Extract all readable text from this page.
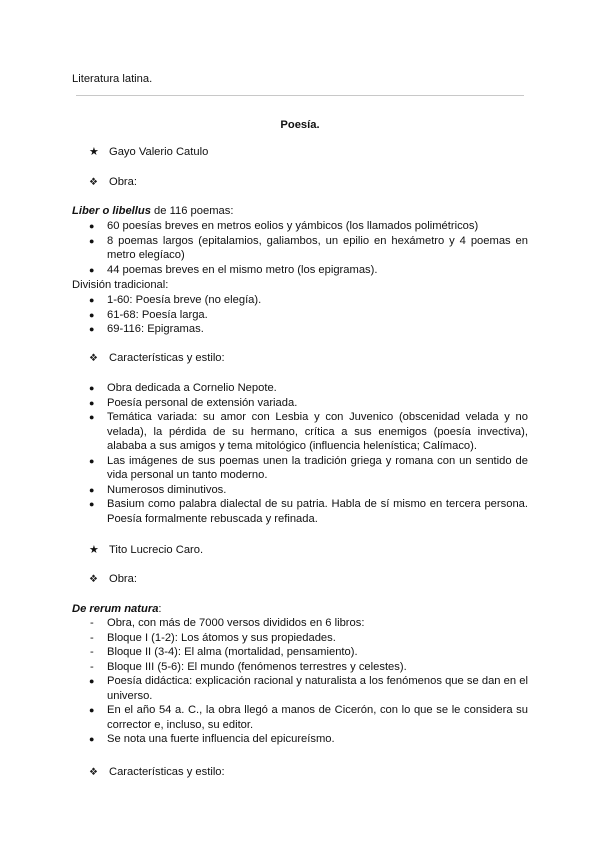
Literatura latina.
Poesía.
★ Gayo Valerio Catulo
❖ Obra:
Liber o libellus de 116 poemas:
● 60 poesías breves en metros eolios y yámbicos (los llamados polimétricos)
● 8 poemas largos (epitalamios, galiambos, un epilio en hexámetro y 4 poemas en metro elegíaco)
● 44 poemas breves en el mismo metro (los epigramas).
División tradicional:
● 1-60: Poesía breve (no elegía).
● 61-68: Poesía larga.
● 69-116: Epigramas.
❖ Características y estilo:
● Obra dedicada a Cornelio Nepote.
● Poesía personal de extensión variada.
● Temática variada: su amor con Lesbia y con Juvenico (obscenidad velada y no velada), la pérdida de su hermano, crítica a sus enemigos (poesía invectiva), alababa a sus amigos y tema mitológico (influencia helenística; Calímaco).
● Las imágenes de sus poemas unen la tradición griega y romana con un sentido de vida personal un tanto moderno.
● Numerosos diminutivos.
● Basium como palabra dialectal de su patria. Habla de sí mismo en tercera persona. Poesía formalmente rebuscada y refinada.
★ Tito Lucrecio Caro.
❖ Obra:
De rerum natura:
- Obra, con más de 7000 versos divididos en 6 libros:
- Bloque I (1-2): Los átomos y sus propiedades.
- Bloque II (3-4): El alma (mortalidad, pensamiento).
- Bloque III (5-6): El mundo (fenómenos terrestres y celestes).
● Poesía didáctica: explicación racional y naturalista a los fenómenos que se dan en el universo.
● En el año 54 a. C., la obra llegó a manos de Cicerón, con lo que se le considera su corrector e, incluso, su editor.
● Se nota una fuerte influencia del epicureísmo.
❖ Características y estilo:
